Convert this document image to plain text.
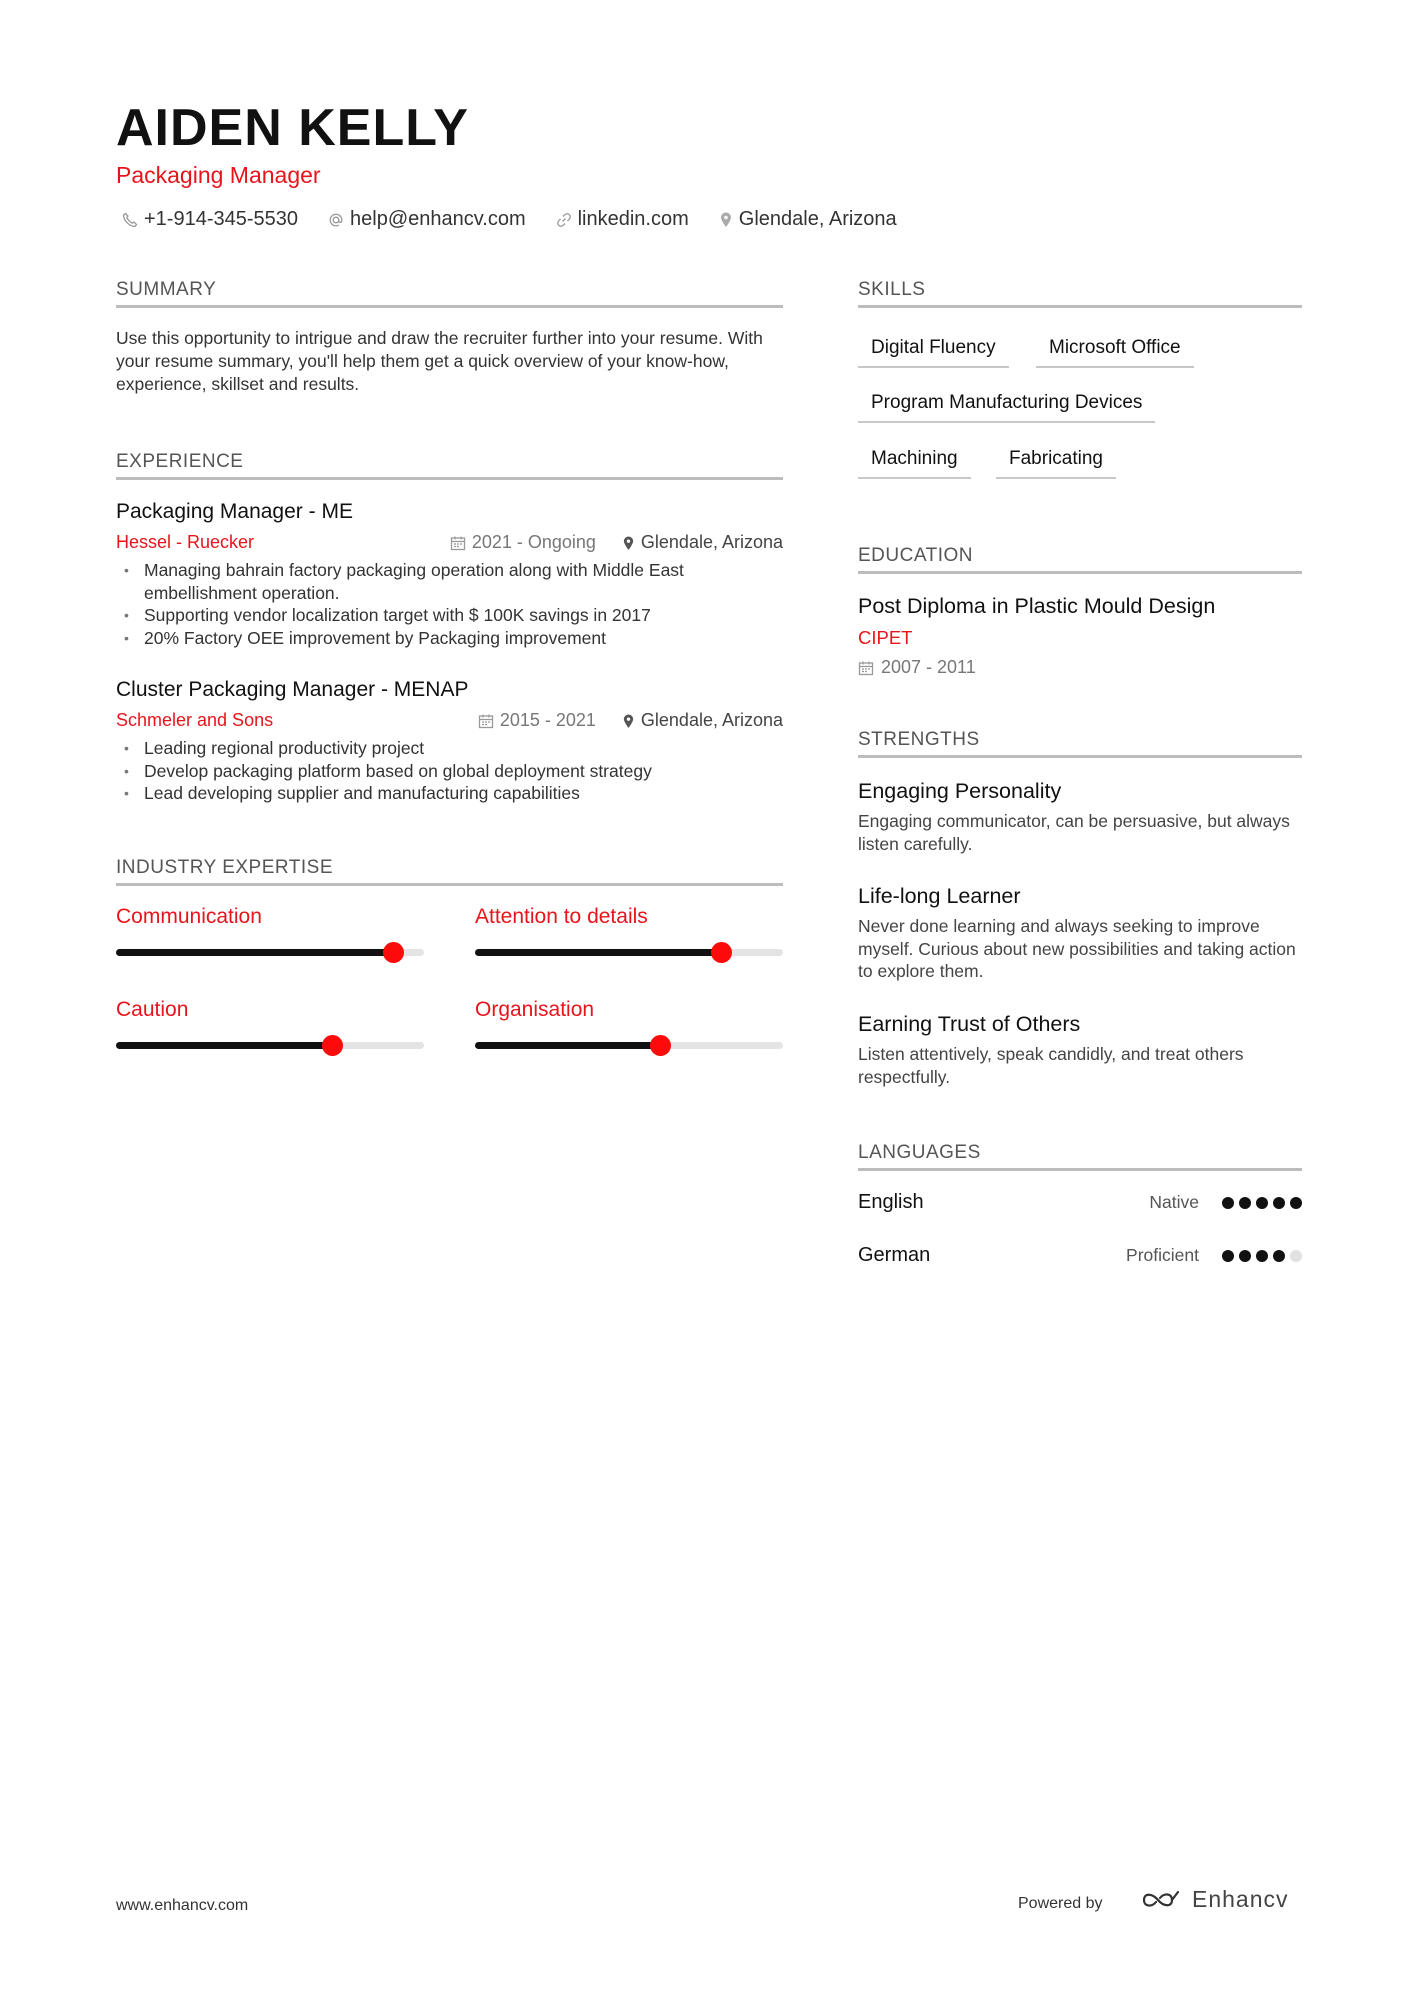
AIDEN KELLY
Packaging Manager
+1-914-345-5530	help@enhancv.com	linkedin.com	Glendale, Arizona
SUMMARY
Use this opportunity to intrigue and draw the recruiter further into your resume. With your resume summary, you'll help them get a quick overview of your know-how, experience, skillset and results.
EXPERIENCE
Packaging Manager - ME
Hessel - Ruecker	2021 - Ongoing	Glendale, Arizona
• Managing bahrain factory packaging operation along with Middle East embellishment operation.
• Supporting vendor localization target with $ 100K savings in 2017
• 20% Factory OEE improvement by Packaging improvement
Cluster Packaging Manager - MENAP
Schmeler and Sons	2015 - 2021	Glendale, Arizona
• Leading regional productivity project
• Develop packaging platform based on global deployment strategy
• Lead developing supplier and manufacturing capabilities
INDUSTRY EXPERTISE
Communication	Attention to details
Caution	Organisation
SKILLS
Digital Fluency	Microsoft Office
Program Manufacturing Devices
Machining	Fabricating
EDUCATION
Post Diploma in Plastic Mould Design
CIPET
2007 - 2011
STRENGTHS
Engaging Personality
Engaging communicator, can be persuasive, but always listen carefully.
Life-long Learner
Never done learning and always seeking to improve myself. Curious about new possibilities and taking action to explore them.
Earning Trust of Others
Listen attentively, speak candidly, and treat others respectfully.
LANGUAGES
English	Native
German	Proficient
www.enhancv.com	Powered by	Enhancv
